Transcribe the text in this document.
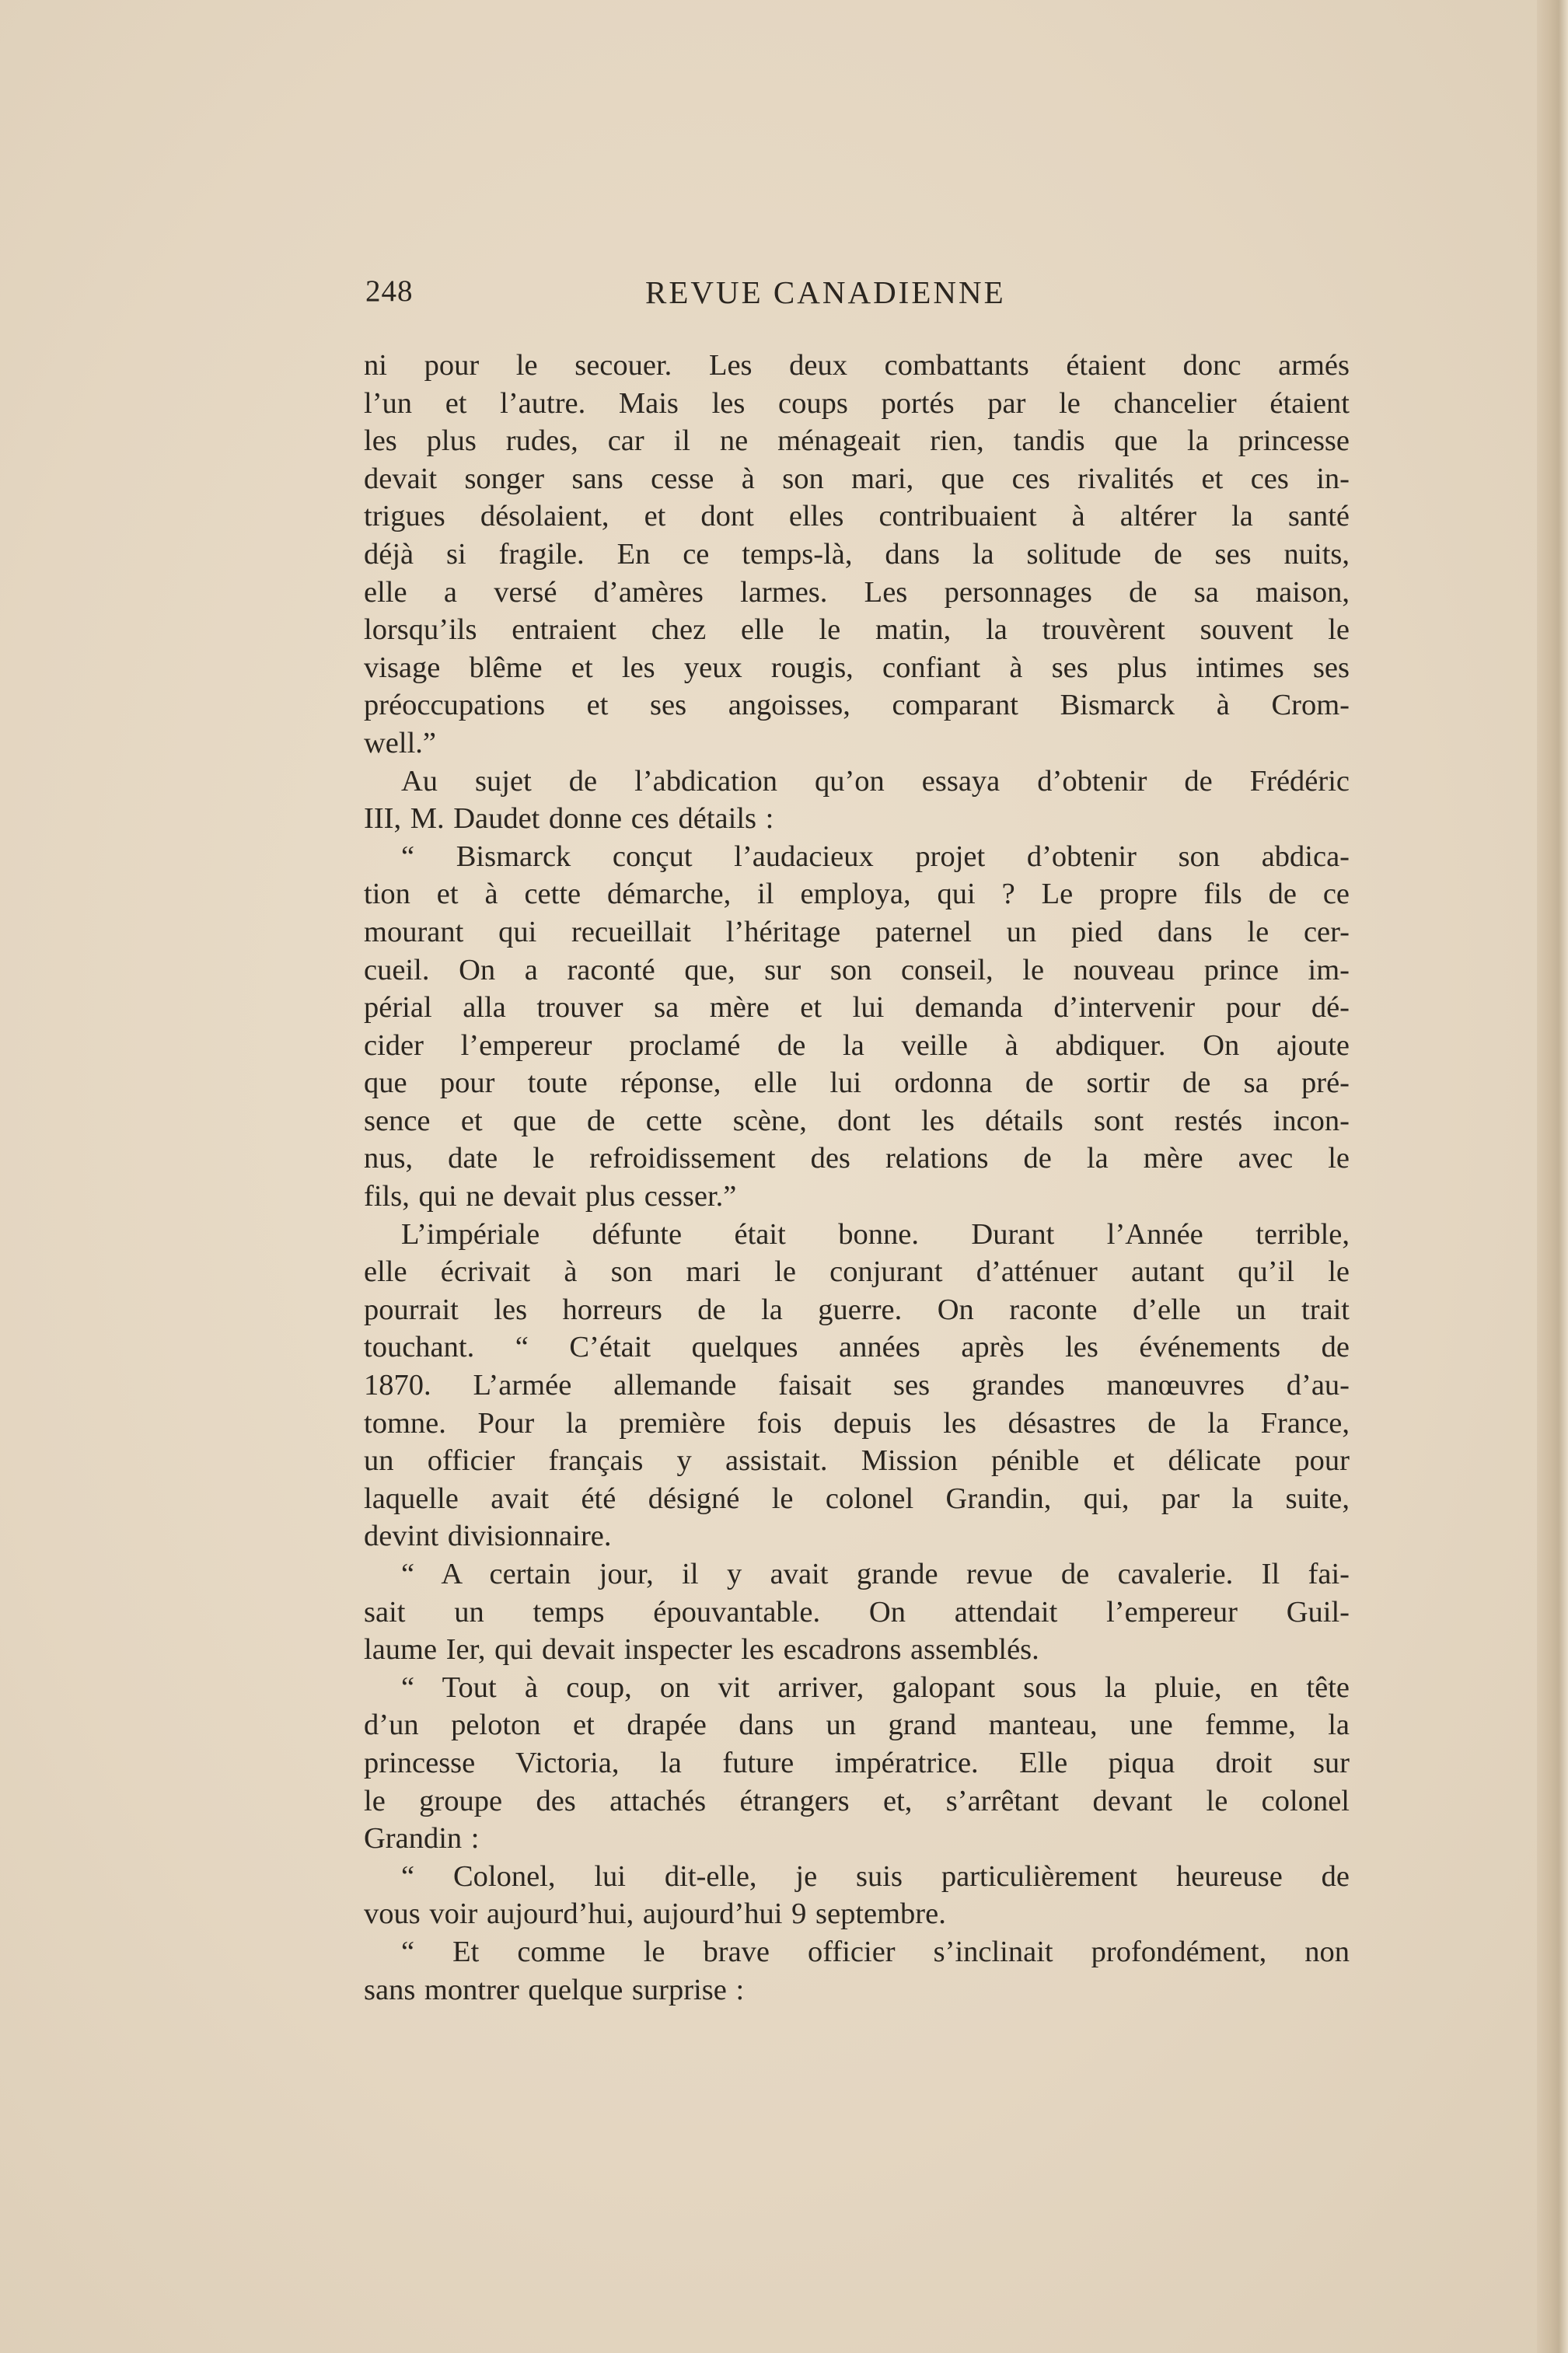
248	REVUE CANADIENNE
ni pour le secouer. Les deux combattants étaient donc armés
l’un et l’autre. Mais les coups portés par le chancelier étaient
les plus rudes, car il ne ménageait rien, tandis que la princesse
devait songer sans cesse à son mari, que ces rivalités et ces in-
trigues désolaient, et dont elles contribuaient à altérer la santé
déjà si fragile. En ce temps-là, dans la solitude de ses nuits,
elle a versé d’amères larmes. Les personnages de sa maison,
lorsqu’ils entraient chez elle le matin, la trouvèrent souvent le
visage blême et les yeux rougis, confiant à ses plus intimes ses
préoccupations et ses angoisses, comparant Bismarck à Crom-
well.”
Au sujet de l’abdication qu’on essaya d’obtenir de Frédéric
III, M. Daudet donne ces détails :
“ Bismarck conçut l’audacieux projet d’obtenir son abdica-
tion et à cette démarche, il employa, qui ? Le propre fils de ce
mourant qui recueillait l’héritage paternel un pied dans le cer-
cueil. On a raconté que, sur son conseil, le nouveau prince im-
périal alla trouver sa mère et lui demanda d’intervenir pour dé-
cider l’empereur proclamé de la veille à abdiquer. On ajoute
que pour toute réponse, elle lui ordonna de sortir de sa pré-
sence et que de cette scène, dont les détails sont restés incon-
nus, date le refroidissement des relations de la mère avec le
fils, qui ne devait plus cesser.”
L’impériale défunte était bonne. Durant l’Année terrible,
elle écrivait à son mari le conjurant d’atténuer autant qu’il le
pourrait les horreurs de la guerre. On raconte d’elle un trait
touchant. “ C’était quelques années après les événements de
1870. L’armée allemande faisait ses grandes manœuvres d’au-
tomne. Pour la première fois depuis les désastres de la France,
un officier français y assistait. Mission pénible et délicate pour
laquelle avait été désigné le colonel Grandin, qui, par la suite,
devint divisionnaire.
“ A certain jour, il y avait grande revue de cavalerie. Il fai-
sait un temps épouvantable. On attendait l’empereur Guil-
laume Ier, qui devait inspecter les escadrons assemblés.
“ Tout à coup, on vit arriver, galopant sous la pluie, en tête
d’un peloton et drapée dans un grand manteau, une femme, la
princesse Victoria, la future impératrice. Elle piqua droit sur
le groupe des attachés étrangers et, s’arrêtant devant le colonel
Grandin :
“ Colonel, lui dit-elle, je suis particulièrement heureuse de
vous voir aujourd’hui, aujourd’hui 9 septembre.
“ Et comme le brave officier s’inclinait profondément, non
sans montrer quelque surprise :
